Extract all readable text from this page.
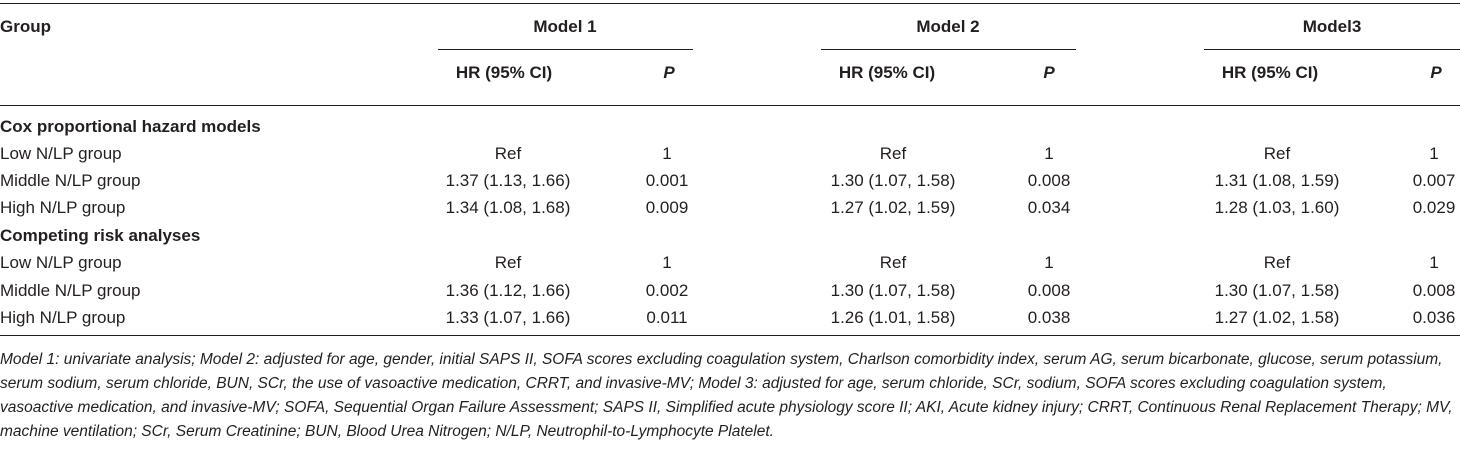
Group	Model 1	Model 2	Model3
HR (95% CI)	P	HR (95% CI)	P	HR (95% CI)	P
Cox proportional hazard models
Low N/LP group	Ref	1	Ref	1	Ref	1
Middle N/LP group	1.37 (1.13, 1.66)	0.001	1.30 (1.07, 1.58)	0.008	1.31 (1.08, 1.59)	0.007
High N/LP group	1.34 (1.08, 1.68)	0.009	1.27 (1.02, 1.59)	0.034	1.28 (1.03, 1.60)	0.029
Competing risk analyses
Low N/LP group	Ref	1	Ref	1	Ref	1
Middle N/LP group	1.36 (1.12, 1.66)	0.002	1.30 (1.07, 1.58)	0.008	1.30 (1.07, 1.58)	0.008
High N/LP group	1.33 (1.07, 1.66)	0.011	1.26 (1.01, 1.58)	0.038	1.27 (1.02, 1.58)	0.036
Model 1: univariate analysis; Model 2: adjusted for age, gender, initial SAPS II, SOFA scores excluding coagulation system, Charlson comorbidity index, serum AG, serum bicarbonate, glucose, serum potassium, serum sodium, serum chloride, BUN, SCr, the use of vasoactive medication, CRRT, and invasive-MV; Model 3: adjusted for age, serum chloride, SCr, sodium, SOFA scores excluding coagulation system, vasoactive medication, and invasive-MV; SOFA, Sequential Organ Failure Assessment; SAPS II, Simplified acute physiology score II; AKI, Acute kidney injury; CRRT, Continuous Renal Replacement Therapy; MV, machine ventilation; SCr, Serum Creatinine; BUN, Blood Urea Nitrogen; N/LP, Neutrophil-to-Lymphocyte Platelet.
